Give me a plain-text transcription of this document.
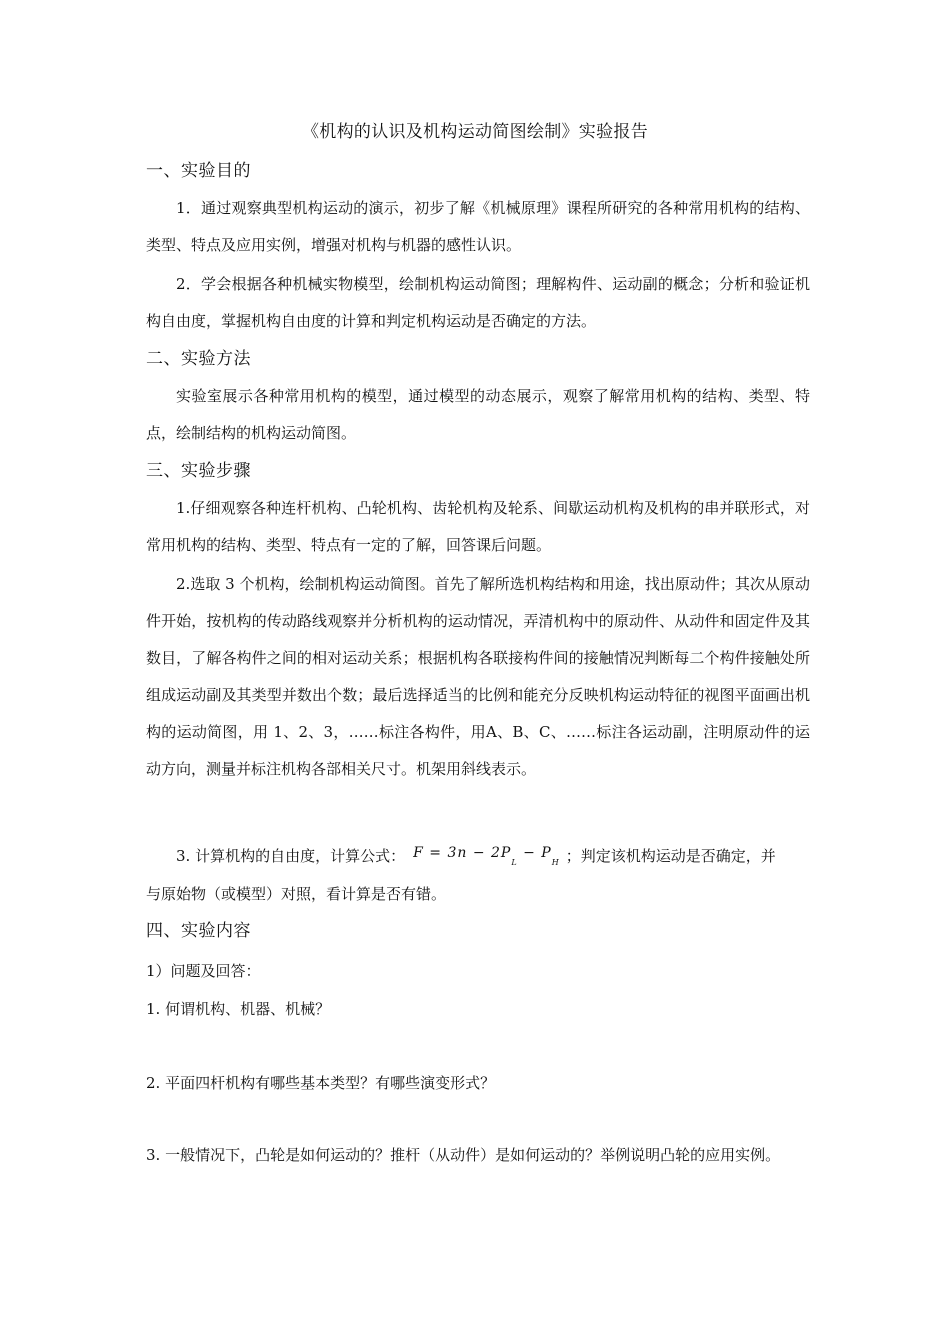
《机构的认识及机构运动简图绘制》实验报告
一、实验目的

1．通过观察典型机构运动的演示，初步了解《机械原理》课程所研究的各种常用机构的结构、类型、特点及应用实例，增强对机构与机器的感性认识。

2．学会根据各种机械实物模型，绘制机构运动简图；理解构件、运动副的概念；分析和验证机构自由度，掌握机构自由度的计算和判定机构运动是否确定的方法。

二、实验方法

实验室展示各种常用机构的模型，通过模型的动态展示，观察了解常用机构的结构、类型、特点，绘制结构的机构运动简图。

三、实验步骤

1.仔细观察各种连杆机构、凸轮机构、齿轮机构及轮系、间歇运动机构及机构的串并联形式，对常用机构的结构、类型、特点有一定的了解，回答课后问题。

2.选取 3 个机构，绘制机构运动简图。首先了解所选机构结构和用途，找出原动件；其次从原动件开始，按机构的传动路线观察并分析机构的运动情况，弄清机构中的原动件、从动件和固定件及其数目，了解各构件之间的相对运动关系；根据机构各联接构件间的接触情况判断每二个构件接触处所组成运动副及其类型并数出个数；最后选择适当的比例和能充分反映机构运动特征的视图平面画出机构的运动简图，用 1、2、3，……标注各构件，用A、B、C、……标注各运动副，注明原动件的运动方向，测量并标注机构各部相关尺寸。机架用斜线表示。

3. 计算机构的自由度，计算公式： $F = 3n - 2P_L - P_H$ ；判定该机构运动是否确定，并
与原始物（或模型）对照，看计算是否有错。
四、实验内容
1）问题及回答：
1. 何谓机构、机器、机械？
2. 平面四杆机构有哪些基本类型？有哪些演变形式？

3. 一般情况下，凸轮是如何运动的？推杆（从动件）是如何运动的？举例说明凸轮的应用实例。
